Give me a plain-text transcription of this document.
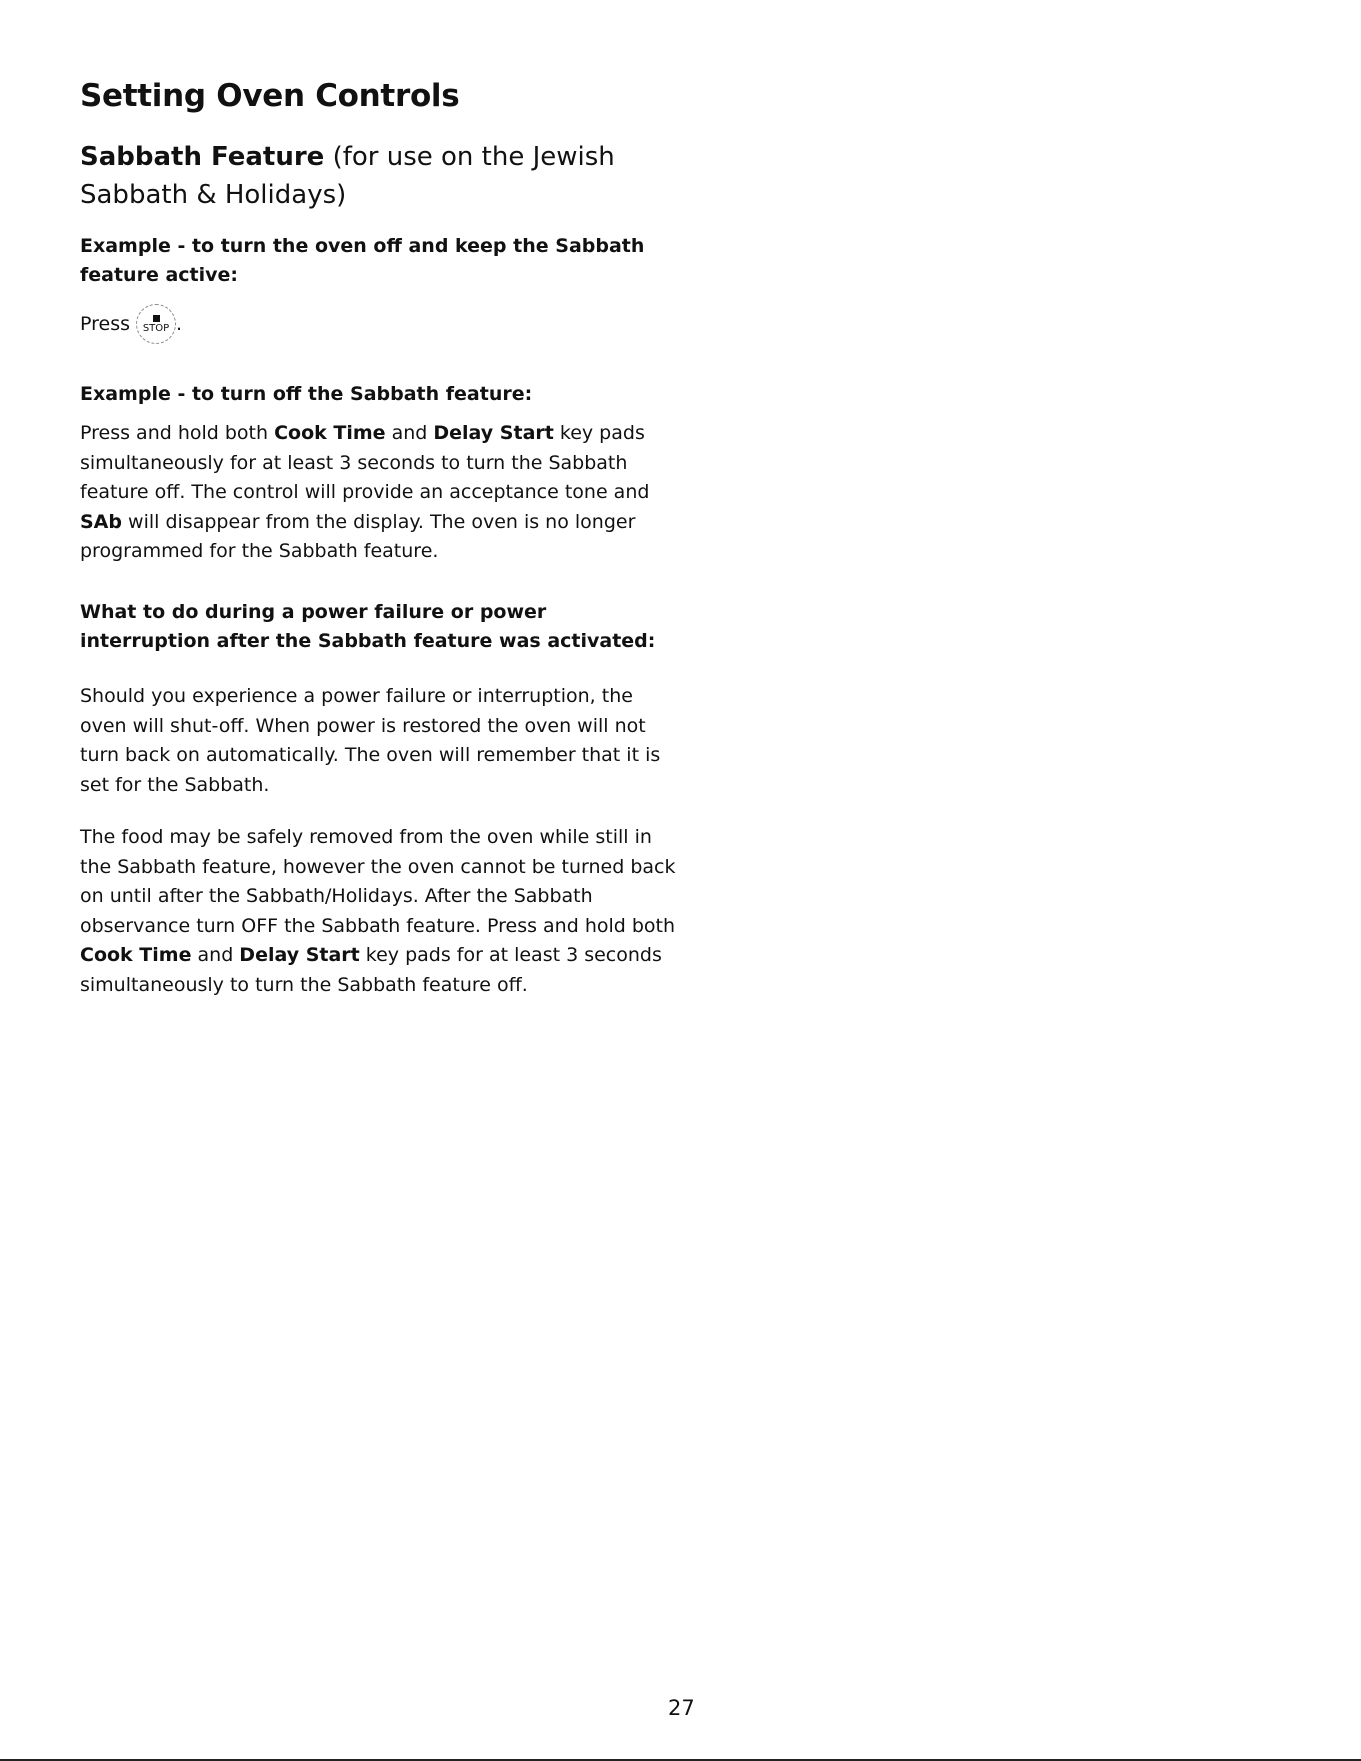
Setting Oven Controls
Sabbath Feature (for use on the Jewish Sabbath & Holidays)

Example - to turn the oven off and keep the Sabbath feature active:

Press STOP .

Example - to turn off the Sabbath feature:

Press and hold both Cook Time and Delay Start key pads simultaneously for at least 3 seconds to turn the Sabbath feature off. The control will provide an acceptance tone and SAb will disappear from the display. The oven is no longer programmed for the Sabbath feature.

What to do during a power failure or power interruption after the Sabbath feature was activated:

Should you experience a power failure or interruption, the oven will shut-off. When power is restored the oven will not turn back on automatically. The oven will remember that it is set for the Sabbath.

The food may be safely removed from the oven while still in the Sabbath feature, however the oven cannot be turned back on until after the Sabbath/Holidays. After the Sabbath observance turn OFF the Sabbath feature. Press and hold both Cook Time and Delay Start key pads for at least 3 seconds simultaneously to turn the Sabbath feature off.

27
